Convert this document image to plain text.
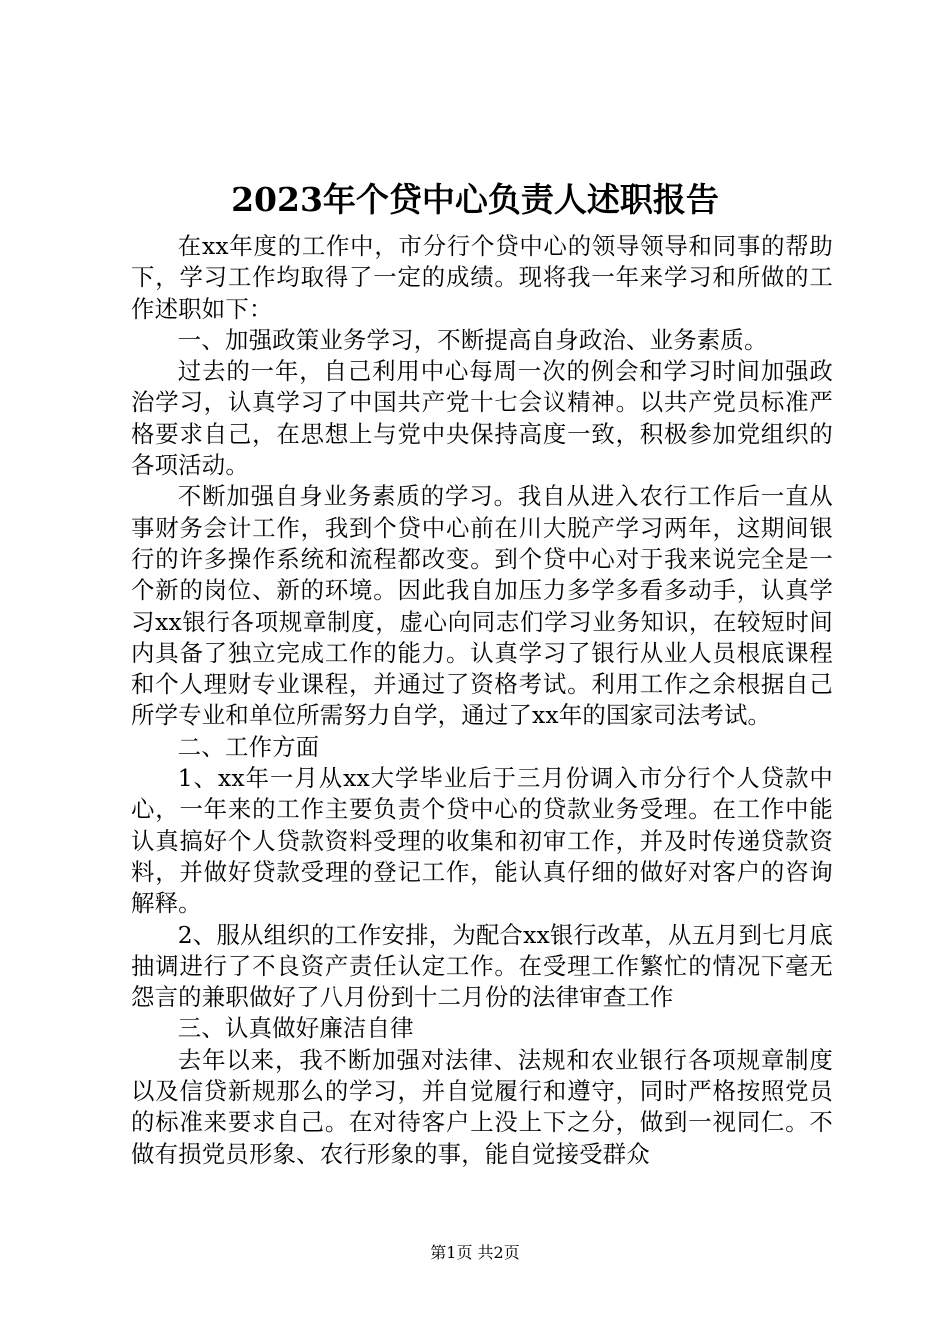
2023年个贷中心负责人述职报告

在xx年度的工作中，市分行个贷中心的领导领导和同事的帮助下，学习工作均取得了一定的成绩。现将我一年来学习和所做的工作述职如下：

一、加强政策业务学习，不断提高自身政治、业务素质。

过去的一年，自己利用中心每周一次的例会和学习时间加强政治学习，认真学习了中国共产党十七会议精神。以共产党员标准严格要求自己，在思想上与党中央保持高度一致，积极参加党组织的各项活动。

不断加强自身业务素质的学习。我自从进入农行工作后一直从事财务会计工作，我到个贷中心前在川大脱产学习两年，这期间银行的许多操作系统和流程都改变。到个贷中心对于我来说完全是一个新的岗位、新的环境。因此我自加压力多学多看多动手，认真学习xx银行各项规章制度，虚心向同志们学习业务知识，在较短时间内具备了独立完成工作的能力。认真学习了银行从业人员根底课程和个人理财专业课程，并通过了资格考试。利用工作之余根据自己所学专业和单位所需努力自学，通过了xx年的国家司法考试。

二、工作方面

1、xx年一月从xx大学毕业后于三月份调入市分行个人贷款中心，一年来的工作主要负责个贷中心的贷款业务受理。在工作中能认真搞好个人贷款资料受理的收集和初审工作，并及时传递贷款资料，并做好贷款受理的登记工作，能认真仔细的做好对客户的咨询解释。

2、服从组织的工作安排，为配合xx银行改革，从五月到七月底抽调进行了不良资产责任认定工作。在受理工作繁忙的情况下毫无怨言的兼职做好了八月份到十二月份的法律审查工作

三、认真做好廉洁自律

去年以来，我不断加强对法律、法规和农业银行各项规章制度以及信贷新规那么的学习，并自觉履行和遵守，同时严格按照党员的标准来要求自己。在对待客户上没上下之分，做到一视同仁。不做有损党员形象、农行形象的事，能自觉接受群众

第1页 共2页
